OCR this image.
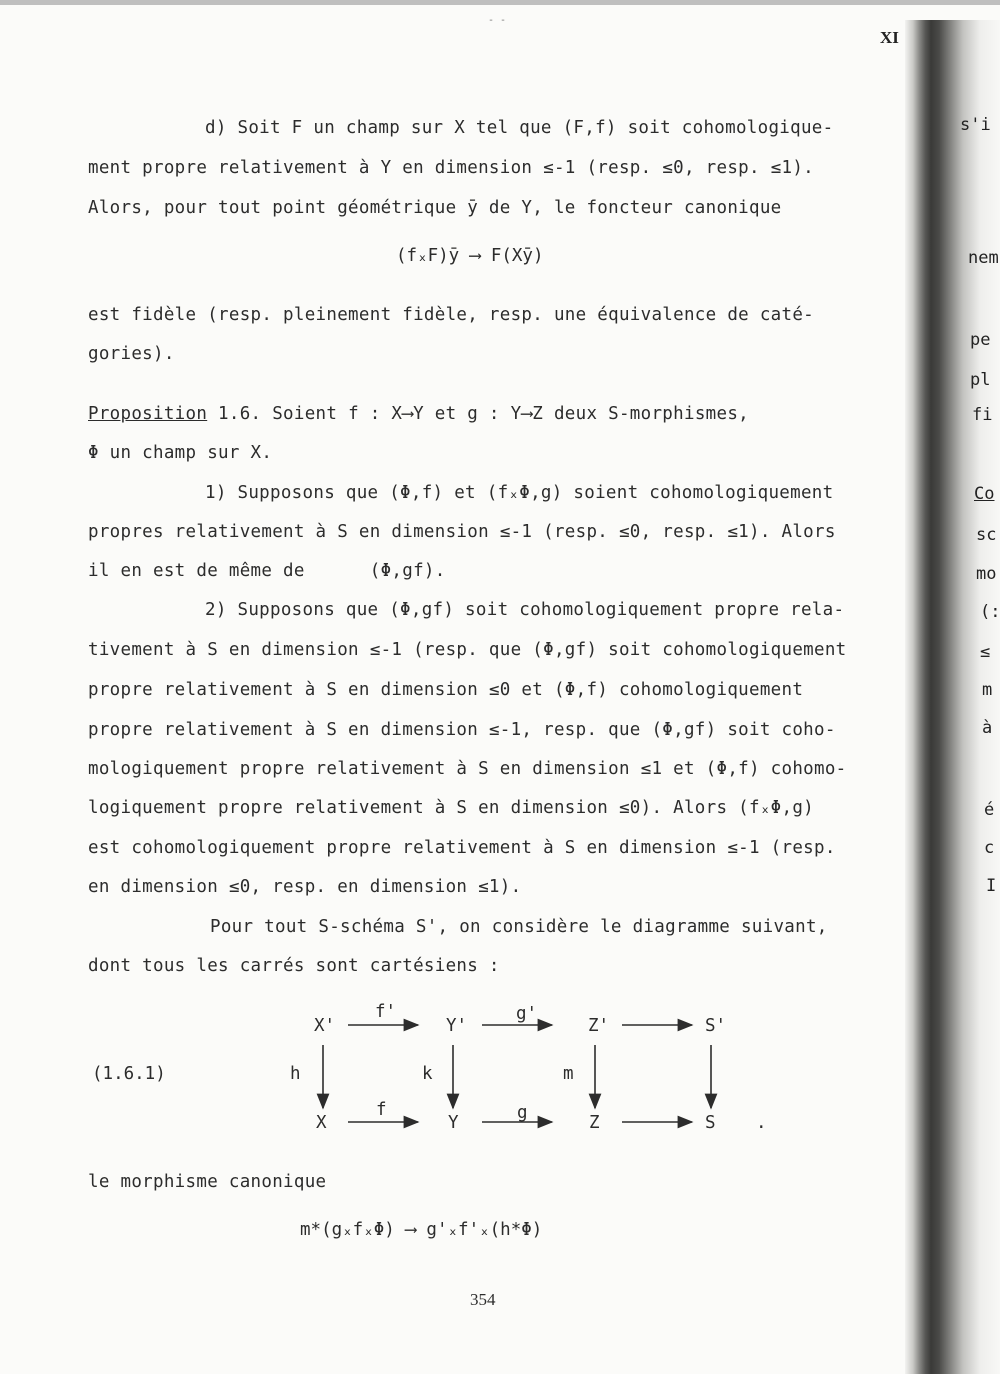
- -
XI
s'i
nem
pe
pl
fi
Co
sc
mo
(:
≤
m
à
é
c
I
d) Soit F un champ sur X tel que (F,f) soit cohomologique-
ment propre relativement à Y en dimension ≤-1 (resp. ≤0, resp. ≤1).
Alors, pour tout point géométrique ȳ de Y, le foncteur canonique
(fₓF)ȳ ⟶ F(Xȳ)
est fidèle (resp. pleinement fidèle, resp. une équivalence de caté-
gories).
Proposition 1.6. Soient f : X⟶Y et g : Y⟶Z deux S-morphismes,
Φ un champ sur X.
1) Supposons que (Φ,f) et (fₓΦ,g) soient cohomologiquement
propres relativement à S en dimension ≤-1 (resp. ≤0, resp. ≤1). Alors
il en est de même de      (Φ,gf).
2) Supposons que (Φ,gf) soit cohomologiquement propre rela-
tivement à S en dimension ≤-1 (resp. que (Φ,gf) soit cohomologiquement
propre relativement à S en dimension ≤0 et (Φ,f) cohomologiquement
propre relativement à S en dimension ≤-1, resp. que (Φ,gf) soit coho-
mologiquement propre relativement à S en dimension ≤1 et (Φ,f) cohomo-
logiquement propre relativement à S en dimension ≤0). Alors (fₓΦ,g)
est cohomologiquement propre relativement à S en dimension ≤-1 (resp.
en dimension ≤0, resp. en dimension ≤1).
Pour tout S-schéma S', on considère le diagramme suivant,
dont tous les carrés sont cartésiens :
(1.6.1)
X'	Y'	Z'	S'
X	Y	Z	S
f'	g'
f	g
h	k	m
.
le morphisme canonique
m*(gₓfₓΦ) ⟶ g'ₓf'ₓ(h*Φ)
354
